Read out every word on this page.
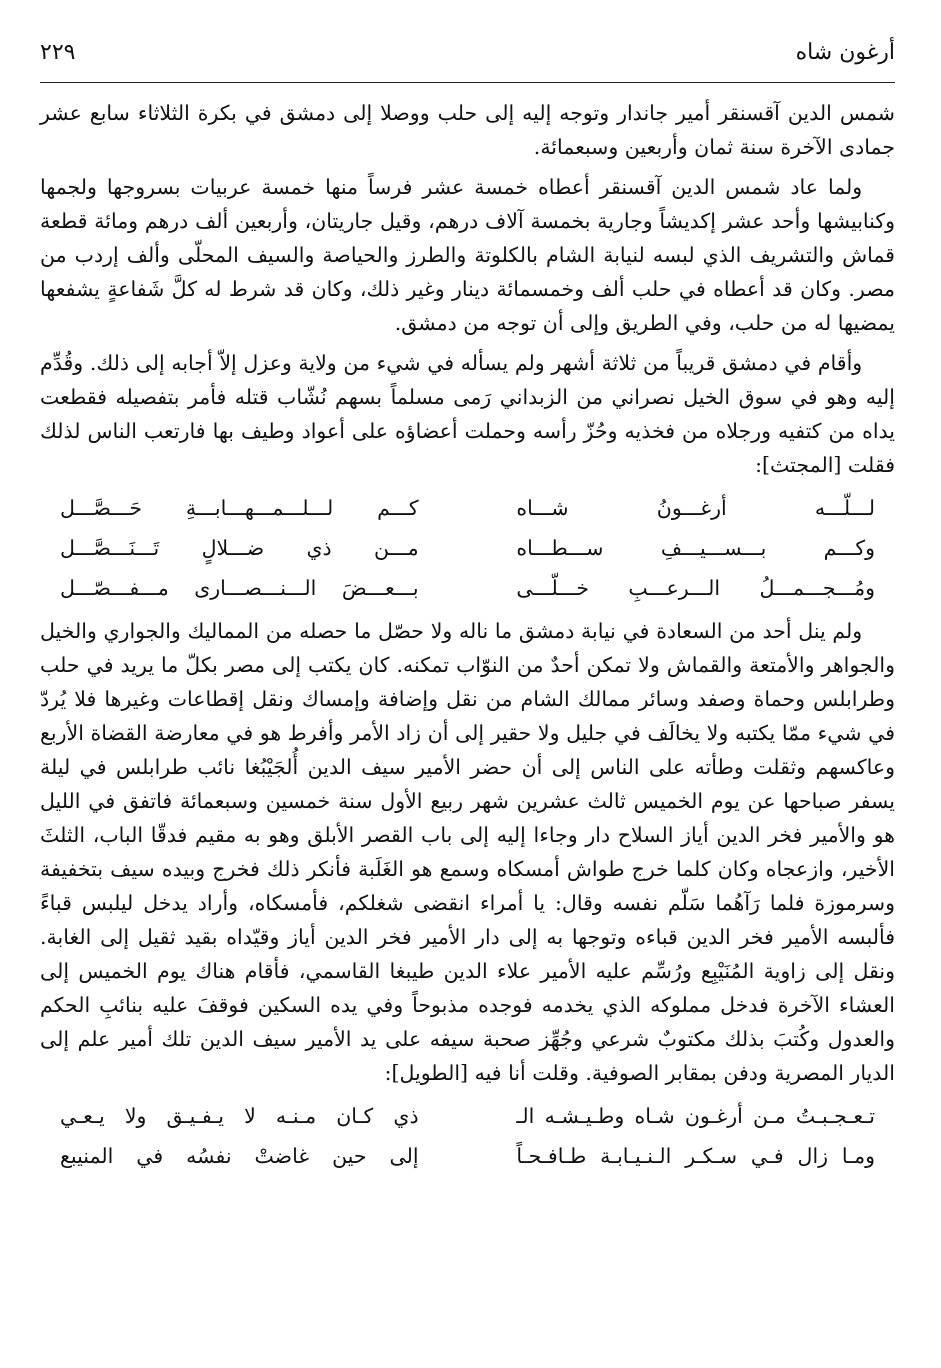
أرغون شاه
٢٢٩

شمس الدين آقسنقر أمير جاندار وتوجه إليه إلى حلب ووصلا إلى دمشق في بكرة الثلاثاء سابع عشر جمادى الآخرة سنة ثمان وأربعين وسبعمائة.

ولما عاد شمس الدين آقسنقر أعطاه خمسة عشر فرساً منها خمسة عربيات بسروجها ولجمها وكنابيشها وأحد عشر إكديشاً وجارية بخمسة آلاف درهم، وقيل جاريتان، وأربعين ألف درهم ومائة قطعة قماش والتشريف الذي لبسه لنيابة الشام بالكلوتة والطرز والحياصة والسيف المحلّى وألف إردب من مصر. وكان قد أعطاه في حلب ألف وخمسمائة دينار وغير ذلك، وكان قد شرط له كلَّ شَفاعةٍ يشفعها يمضيها له من حلب، وفي الطريق وإلى أن توجه من دمشق.

وأقام في دمشق قريباً من ثلاثة أشهر ولم يسأله في شيء من ولاية وعزل إلاّ أجابه إلى ذلك. وقُدِّم إليه وهو في سوق الخيل نصراني من الزبداني رَمى مسلماً بسهم نُشّاب قتله فأمر بتفصيله فقطعت يداه من كتفيه ورجلاه من فخذيه وحُزّ رأسه وحملت أعضاؤه على أعواد وطيف بها فارتعب الناس لذلك فقلت [المجتث]:

لـــلّـــه أرغـــونُ شـــاه
كـــم لـــلـــمـــهـــابـــةِ حَـــصَّـــل
وكـــم بـــســـيـــفِ ســـطـــاه
مـــن ذي ضـــلالٍ تَـــنَـــصَّـــل
ومُـــجـــمـــلُ الـــرعـــبِ خـــلّـــى
بـــعـــضَ الـــنـــصـــارى مـــفـــصّـــل

ولم ينل أحد من السعادة في نيابة دمشق ما ناله ولا حصّل ما حصله من المماليك والجواري والخيل والجواهر والأمتعة والقماش ولا تمكن أحدٌ من النوّاب تمكنه. كان يكتب إلى مصر بكلّ ما يريد في حلب وطرابلس وحماة وصفد وسائر ممالك الشام من نقل وإضافة وإمساك ونقل إقطاعات وغيرها فلا يُردّ في شيء ممّا يكتبه ولا يخالَف في جليل ولا حقير إلى أن زاد الأمر وأفرط هو في معارضة القضاة الأربع وعاكسهم وثقلت وطأته على الناس إلى أن حضر الأمير سيف الدين أُلجَيْبُغا نائب طرابلس في ليلة يسفر صباحها عن يوم الخميس ثالث عشرين شهر ربيع الأول سنة خمسين وسبعمائة فاتفق في الليل هو والأمير فخر الدين أياز السلاح دار وجاءا إليه إلى باب القصر الأبلق وهو به مقيم فدقّا الباب، الثلثَ الأخير، وازعجاه وكان كلما خرج طواش أمسكاه وسمع هو الغَلَبة فأنكر ذلك فخرج وبيده سيف بتخفيفة وسرموزة فلما رَآهُما سَلّم نفسه وقال: يا أمراء انقضى شغلكم، فأمسكاه، وأراد يدخل ليلبس قباءً فألبسه الأمير فخر الدين قباءه وتوجها به إلى دار الأمير فخر الدين أياز وقيّداه بقيد ثقيل إلى الغابة. ونقل إلى زاوية المُنَيْبِع ورُسِّم عليه الأمير علاء الدين طيبغا القاسمي، فأقام هناك يوم الخميس إلى العشاء الآخرة فدخل مملوكه الذي يخدمه فوجده مذبوحاً وفي يده السكين فوقفَ عليه بنائبِ الحكم والعدول وكُتبَ بذلك مكتوبٌ شرعي وجُهِّز صحبة سيفه على يد الأمير سيف الدين تلك أمير علم إلى الديار المصرية ودفن بمقابر الصوفية. وقلت أنا فيه [الطويل]:

تـعـجـبـتُ مـن أرغـون شـاه وطـيـشـه الـ
ذي كـان مـنـه لا يـفـيـق ولا يـعـي
ومـا زال فـي سـكـر الـنـيـابـة طـافـحـاً
إلى حين غاضتْ نفسُه في المنيبع
